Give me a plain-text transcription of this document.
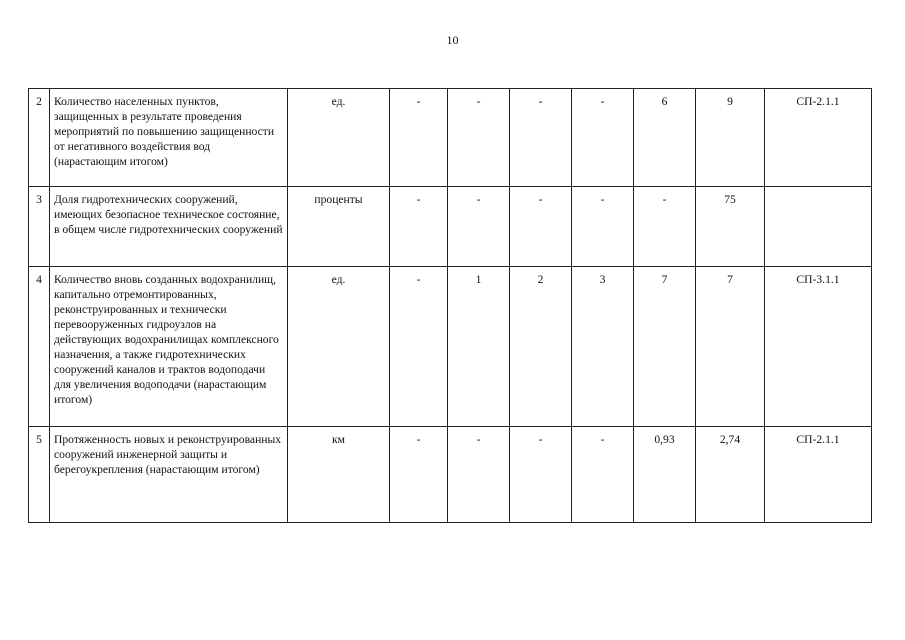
10
2	Количество населенных пунктов, защищенных в результате проведения мероприятий по повышению защищенности от негативного воздействия вод (нарастающим итогом)	ед.	-	-	-	-	6	9	СП-2.1.1
3	Доля гидротехнических сооружений, имеющих безопасное техническое состояние, в общем числе гидротехнических сооружений	проценты	-	-	-	-	-	75	
4	Количество вновь созданных водохранилищ, капитально отремонтированных, реконструированных и технически перевооруженных гидроузлов на действующих водохранилищах комплексного назначения, а также гидротехнических сооружений каналов и трактов водоподачи для увеличения водоподачи (нарастающим итогом)	ед.	-	1	2	3	7	7	СП-3.1.1
5	Протяженность новых и реконструированных сооружений инженерной защиты и берегоукрепления (нарастающим итогом)	км	-	-	-	-	0,93	2,74	СП-2.1.1
